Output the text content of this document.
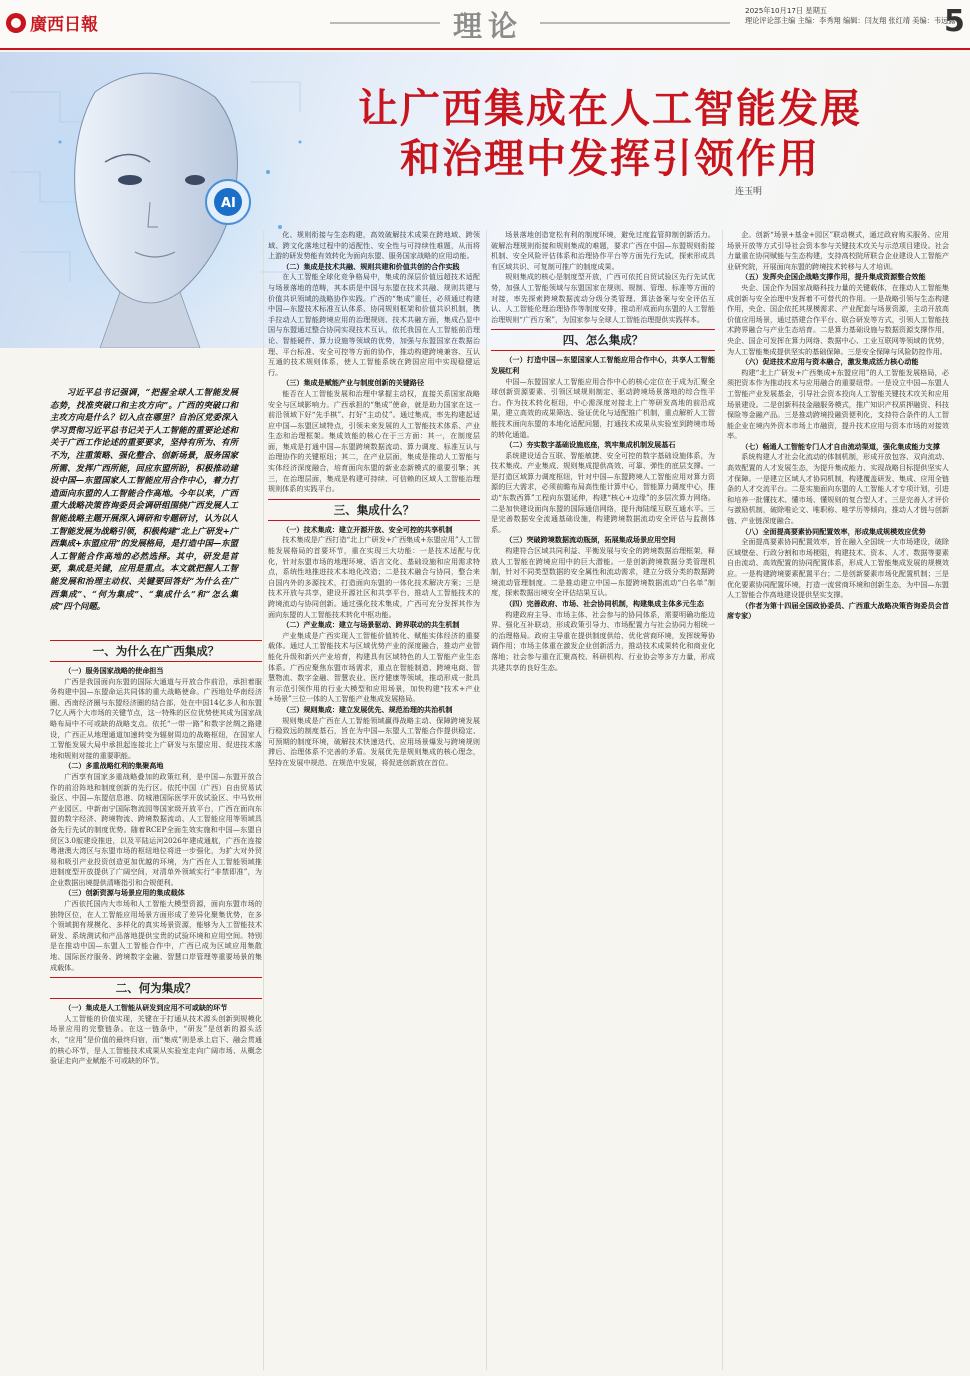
廣西日報	理论	2025年10月17日 星期五
理论评论部主编 主编：李秀翔 编辑：闫友翔 张红靖 美编：韦远露
5
AI
让广西集成在人工智能发展
和治理中发挥引领作用
连玉明
习近平总书记强调，“把握全球人工智能发展态势，找准突破口和主攻方向”。广西的突破口和主攻方向是什么？切入点在哪里？自治区党委深入学习贯彻习近平总书记关于人工智能的重要论述和关于广西工作论述的重要要求，坚持有所为、有所不为，注重策略、强化整合、创新场景，服务国家所需、发挥广西所能，回应东盟所盼，积极推动建设中国—东盟国家人工智能应用合作中心，着力打造面向东盟的人工智能合作高地。今年以来，广西重大战略决策咨询委员会调研组围绕广西发展人工智能战略主题开展深入调研和专题研讨，认为以人工智能发展为战略引领，积极构建“北上广研发+广西集成+东盟应用”的发展格局，是打造中国—东盟人工智能合作高地的必然选择。其中，研发是首要，集成是关键，应用是重点。本文就把握人工智能发展和治理主动权、关键要回答好“为什么在广西集成”、“何为集成”、“集成什么”和“怎么集成”四个问题。
一、为什么在广西集成？

（一）服务国家战略的使命担当

广西是我国面向东盟的国际大通道与开放合作前沿，承担着服务构建中国—东盟命运共同体的重大战略使命。广西地处华南经济圈、西南经济圈与东盟经济圈的结合部，处在中国14亿多人和东盟7亿人两个大市场的关键节点，这一特殊的区位优势使其成为国家战略布局中不可或缺的战略支点。依托“一带一路”和数字丝绸之路建设，广西正从地理通道加速转变为辐射周边的战略枢纽，在国家人工智能发展大局中承担起连接北上广研发与东盟应用、促进技术落地和规则对接的重要职能。

（二）多重战略红利的集聚高地

广西享有国家多重战略叠加的政策红利，是中国—东盟开放合作的前沿阵地和制度创新的先行区。依托中国（广西）自由贸易试验区、中国—东盟信息港、防城港国际医学开放试验区、中马钦州产业园区、中新南宁国际物流园等国家级开放平台，广西在面向东盟的数字经济、跨境物流、跨境数据流动、人工智能应用等领域具备先行先试的制度优势。随着RCEP全面生效实施和中国—东盟自贸区3.0版建设推进，以及平陆运河2026年建成通航，广西在连接粤港澳大湾区与东盟市场的枢纽地位将进一步强化，为扩大对外贸易和吸引产业投资创造更加优越的环境，为广西在人工智能领域推进制度型开放提供了广阔空间，对清单外领域实行“非禁即准”，为企业数据出境提供清晰指引和合规便利。

（三）创新资源与场景应用的集成载体

广西依托国内大市场和人工智能大模型资源，面向东盟市场的独特区位，在人工智能应用场景方面形成了差异化聚集优势，在多个领域拥有规模化、多样化的真实场景资源，能够为人工智能技术研发、系统测试和产品落地提供宝贵的试验环境和应用空间。特别是在推动中国—东盟人工智能合作中，广西已成为区域应用集散地、国际医疗服务、跨境数字金融、智慧口岸管理等重要场景的集成载体。

二、何为集成？

（一）集成是人工智能从研发到应用不可或缺的环节

人工智能的价值实现，关键在于打通从技术源头创新到规模化场景应用的完整链条。在这一链条中，“研发”是创新的源头活水，“应用”是价值的最终归宿，而“集成”则是承上启下、融会贯通的核心环节，是人工智能技术成果从实验室走向广阔市场、从概念验证走向产业赋能不可或缺的环节。

化、规则衔接与生态构建，高效破解技术成果在跨地域、跨领域、跨文化落地过程中的适配性、安全性与可持续性难题，从而将上游的研发势能有效转化为面向东盟、服务国家战略的应用动能。

（二）集成是技术共融、规则共建和价值共创的合作实践

在人工智能全球化竞争格局中，集成的深层价值远超技术适配与场景落地的范畴，其本质是中国与东盟在技术共融、规则共建与价值共识领域的战略协作实践。广西的“集成”重任，必须通过构建中国—东盟技术标准互认体系、协同规则框架和价值共识机制，携手拉动人工智能跨境应用的治理规则、技术共融方面，集成凸显中国与东盟通过整合协同实现技术互认，依托我国在人工智能前沿理论、智能硬件、算力设施等领域的优势，加强与东盟国家在数据治理、平台标准、安全可控等方面的协作，推动构建跨境兼容、互认互通的技术规则体系，使人工智能系统在跨国应用中实现稳健运行。

（三）集成是赋能产业与制度创新的关键路径

能否在人工智能发展和治理中掌握主动权，直接关系国家战略安全与区域影响力。广西承担的“集成”使命，就是助力国家在这一前沿领域下好“先手棋”、打好“主动仗”。通过集成，率先构建起适应中国—东盟区域特点，引领未来发展的人工智能技术体系、产业生态和治理框架。集成效能的核心在于三方面：其一，在制度层面，集成是打通中国—东盟跨境数据流动、算力调度、标准互认与治理协作的关键枢纽；其二，在产业层面，集成是推动人工智能与实体经济深度融合，培育面向东盟的新业态新模式的重要引擎；其三，在治理层面，集成是构建可持续、可信赖的区域人工智能治理规则体系的实践平台。

三、集成什么？

（一）技术集成：建立开源开放、安全可控的共享机制

技术集成是广西打造“北上广研发+广西集成+东盟应用”人工智能发展格局的首要环节，重在实现三大功能：一是技术适配与优化，针对东盟市场的地理环境、语言文化、基础设施和应用需求特点，系统性地推进技术本地化改造；二是技术融合与协同，整合来自国内外的多源技术，打造面向东盟的一体化技术解决方案；三是技术开放与共享，建设开源社区和共享平台，推动人工智能技术的跨境流动与协同创新。通过强化技术集成，广西可充分发挥其作为面向东盟的人工智能技术转化中枢功能。

（二）产业集成：建立与场景驱动、跨界联动的共生机制

产业集成是广西实现人工智能价值转化、赋能实体经济的重要载体。通过人工智能技术与区域优势产业的深度融合，推动产业智能化升级和新兴产业培育，构建具有区域特色的人工智能产业生态体系。广西应聚焦东盟市场需求，重点在智能制造、跨境电商、智慧物流、数字金融、智慧农业、医疗健康等领域，推动形成一批具有示范引领作用的行业大模型和应用场景，加快构建“技术+产业+场景”三位一体的人工智能产业集成发展格局。

（三）规则集成：建立发展优先、规范治理的共治机制

规则集成是广西在人工智能领域赢得战略主动、保障跨境发展行稳致远的制度基石，旨在为中国—东盟人工智能合作提供稳定、可预期的制度环境，破解技术快速迭代、应用场景爆发与跨境规则滞后、治理体系不完善的矛盾。发展优先是规则集成的核心理念，坚持在发展中规范、在规范中发展，将促进创新放在首位。

场景落地创造宽松有利的制度环境，避免过度监管抑制创新活力。破解治理规则衔接和规则集成的难题，要求广西在中国—东盟规则衔接机制、安全风险评估体系和治理协作平台等方面先行先试，探索形成具有区域共识、可复制可推广的制度成果。

规则集成的核心是制度型开放，广西可依托自贸试验区先行先试优势，加强人工智能领域与东盟国家在规则、规制、管理、标准等方面的对接，率先探索跨境数据流动分级分类管理、算法备案与安全评估互认、人工智能伦理治理协作等制度安排，推动形成面向东盟的人工智能治理规则“广西方案”，为国家参与全球人工智能治理提供实践样本。

四、怎么集成？

（一）打造中国—东盟国家人工智能应用合作中心，共享人工智能发展红利

中国—东盟国家人工智能应用合作中心的核心定位在于成为汇聚全球创新资源要素、引领区域规则制定、驱动跨境场景落地的综合性平台。作为技术转化枢纽，中心需深度对接北上广等研发高地的前沿成果，建立高效的成果筛选、验证优化与适配推广机制，重点解析人工智能技术面向东盟的本地化适配问题，打通技术成果从实验室到跨境市场的转化通道。

（二）夯实数字基础设施底座，筑牢集成机制发展基石

系统建设适合互联、智能敏捷、安全可控的数字基础设施体系，为技术集成、产业集成、规则集成提供高效、可靠、弹性的底层支撑。一是打造区域算力调度枢纽，针对中国—东盟跨境人工智能应用对算力资源的巨大需求，必须前瞻布局高性能计算中心，智能算力调度中心，推动“东数西算”工程向东盟延伸，构建“核心+边缘”的多层次算力网络。二是加快建设面向东盟的国际通信网络，提升海陆缆互联互通水平。三是完善数据安全流通基础设施，构建跨境数据流动安全评估与监测体系。

（三）突破跨境数据流动瓶颈，拓展集成场景应用空间

构建符合区域共同利益、平衡发展与安全的跨境数据治理框架，释放人工智能在跨境应用中的巨大潜能。一是创新跨境数据分类管理机制，针对不同类型数据的安全属性和流动需求，建立分级分类的数据跨境流动管理制度。二是推动建立中国—东盟跨境数据流动“白名单”制度，探索数据出境安全评估结果互认。

（四）完善政府、市场、社会协同机制，构建集成主体多元生态

构建政府主导、市场主体、社会参与的协同体系，需要明确功能边界、强化互补联动，形成政策引导力、市场配置力与社会协同力相统一的治理格局。政府主导重在提供制度供给、优化营商环境，发挥统筹协调作用；市场主体重在激发企业创新活力，推动技术成果转化和商业化落地；社会参与重在汇聚高校、科研机构、行业协会等多方力量，形成共建共享的良好生态。

企。创新“场景+基金+园区”联动模式，通过政府购买服务、应用场景开放等方式引导社会资本参与关键技术攻关与示范项目建设。社会力量重在协同赋能与生态构建，支持高校院所联合企业建设人工智能产业研究院，开展面向东盟的跨境技术转移与人才培训。

（五）发挥央企国企战略支撑作用，提升集成资源整合效能

央企、国企作为国家战略科技力量的关键载体，在推动人工智能集成创新与安全治理中发挥着不可替代的作用。一是战略引领与生态构建作用，央企、国企依托其规模需求、产业配套与场景资源，主动开放高价值应用场景，通过搭建合作平台、联合研发等方式，引领人工智能技术跨界融合与产业生态培育。二是算力基础设施与数据资源支撑作用，央企、国企可发挥在算力网络、数据中心、工业互联网等领域的优势，为人工智能集成提供坚实的基础保障。三是安全保障与风险防控作用。

（六）促进技术应用与资本融合，激发集成活力核心动能

构建“北上广研发+广西集成+东盟应用”的人工智能发展格局，必须把资本作为推动技术与应用融合的重要纽带。一是设立中国—东盟人工智能产业发展基金，引导社会资本投向人工智能关键技术攻关和应用场景建设。二是创新科技金融服务模式，推广知识产权质押融资、科技保险等金融产品。三是推动跨境投融资便利化，支持符合条件的人工智能企业在境内外资本市场上市融资，提升技术应用与资本市场的对接效率。

（七）畅通人工智能专门人才自由流动渠道，强化集成能力支撑

系统构建人才社会化流动的体制机制，形成开放包容、双向流动、高效配置的人才发展生态，为提升集成能力、实现战略目标提供坚实人才保障。一是建立区域人才协同机制，构建覆盖研发、集成、应用全链条的人才交流平台。二是实施面向东盟的人工智能人才专项计划，引进和培养一批懂技术、懂市场、懂规则的复合型人才。三是完善人才评价与激励机制，破除唯论文、唯职称、唯学历等倾向，推动人才链与创新链、产业链深度融合。

（八）全面提高要素协同配置效率，形成集成规模效应优势

全面提高要素协同配置效率，旨在融入全国统一大市场建设，破除区域壁垒、行政分割和市场梗阻，构建技术、资本、人才、数据等要素自由流动、高效配置的协同配置体系，形成人工智能集成发展的规模效应。一是构建跨境要素配置平台；二是创新要素市场化配置机制；三是优化要素协同配置环境，打造一流营商环境和创新生态，为中国—东盟人工智能合作高地建设提供坚实支撑。

（作者为第十四届全国政协委员、广西重大战略决策咨询委员会首席专家）
